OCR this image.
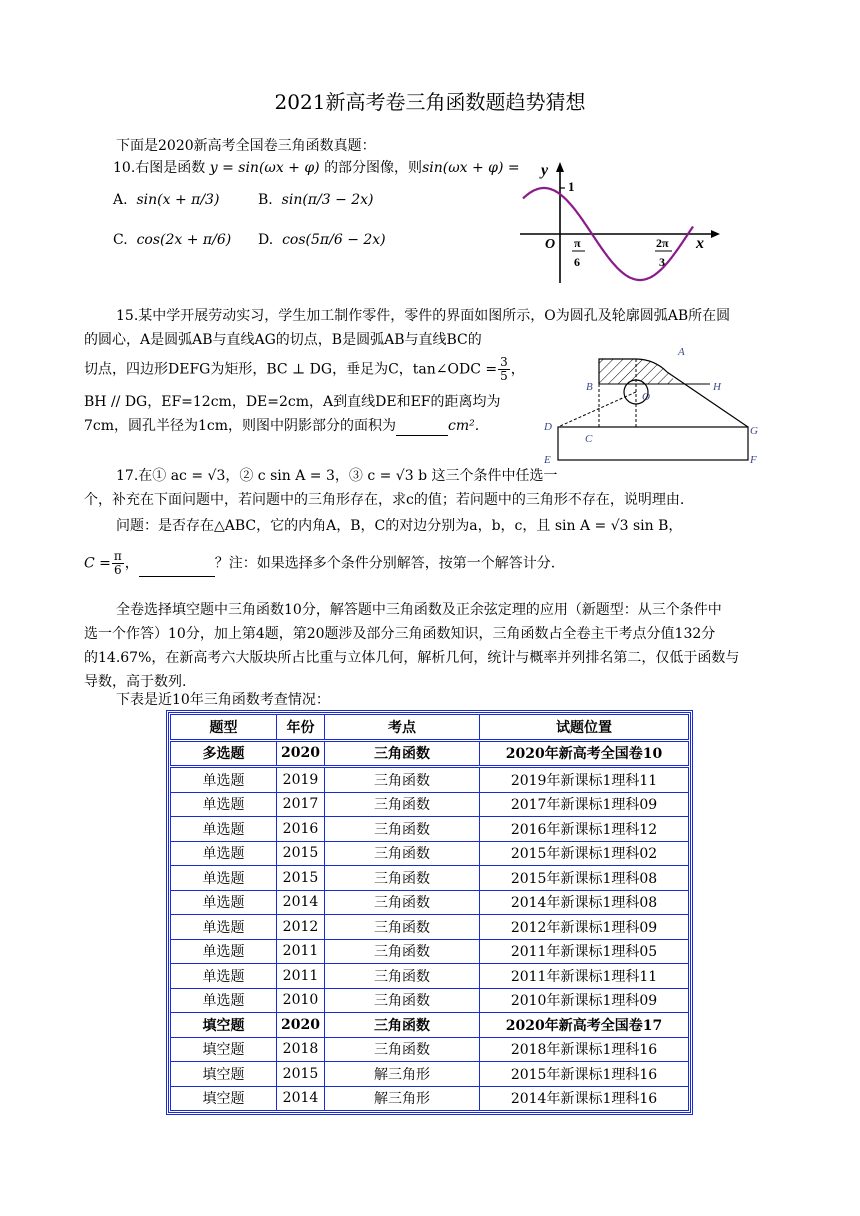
2021新高考卷三角函数题趋势猜想
下面是2020新高考全国卷三角函数真题：
10.右图是函数 y = sin(ωx + φ) 的部分图像，则sin(ωx + φ) =
A. sin(x + π/3)	B. sin(π/3 − 2x)
C. cos(2x + π/6) D. cos(5π/6 − 2x)
y
x
O
1
π
6
2π
3
15.某中学开展劳动实习，学生加工制作零件，零件的界面如图所示，O为圆孔及轮廓圆弧AB所在圆
的圆心，A是圆弧AB与直线AG的切点，B是圆弧AB与直线BC的
切点，四边形DEFG为矩形，BC ⊥ DG，垂足为C，tan∠ODC = $\frac{3}{5}$ ，
BH // DG，EF=12cm，DE=2cm，A到直线DE和EF的距离均为
7cm，圆孔半径为1cm，则图中阴影部分的面积为	cm².
A
B	H
O
D
C
G
E	F
17.在① ac = √3，② c sin A = 3，③ c = √3 b 这三个条件中任选一
个，补充在下面问题中，若问题中的三角形存在，求c的值；若问题中的三角形不存在，说明理由.
问题：是否存在△ABC，它的内角A，B，C的对边分别为a，b，c，且 sin A = √3 sin B，
$C = \frac{\pi}{6}$ ，	？注：如果选择多个条件分别解答，按第一个解答计分.
全卷选择填空题中三角函数10分，解答题中三角函数及正余弦定理的应用（新题型：从三个条件中
选一个作答）10分，加上第4题，第20题涉及部分三角函数知识，三角函数占全卷主干考点分值132分
的14.67%，在新高考六大版块所占比重与立体几何，解析几何，统计与概率并列排名第二，仅低于函数与
导数，高于数列.
下表是近10年三角函数考查情况：
题型	年份	考点	试题位置
多选题	2020	三角函数	2020年新高考全国卷10
单选题	2019	三角函数	2019年新课标1理科11
单选题	2017	三角函数	2017年新课标1理科09
单选题	2016	三角函数	2016年新课标1理科12
单选题	2015	三角函数	2015年新课标1理科02
单选题	2015	三角函数	2015年新课标1理科08
单选题	2014	三角函数	2014年新课标1理科08
单选题	2012	三角函数	2012年新课标1理科09
单选题	2011	三角函数	2011年新课标1理科05
单选题	2011	三角函数	2011年新课标1理科11
单选题	2010	三角函数	2010年新课标1理科09
填空题	2020	三角函数	2020年新高考全国卷17
填空题	2018	三角函数	2018年新课标1理科16
填空题	2015	解三角形	2015年新课标1理科16
填空题	2014	解三角形	2014年新课标1理科16
